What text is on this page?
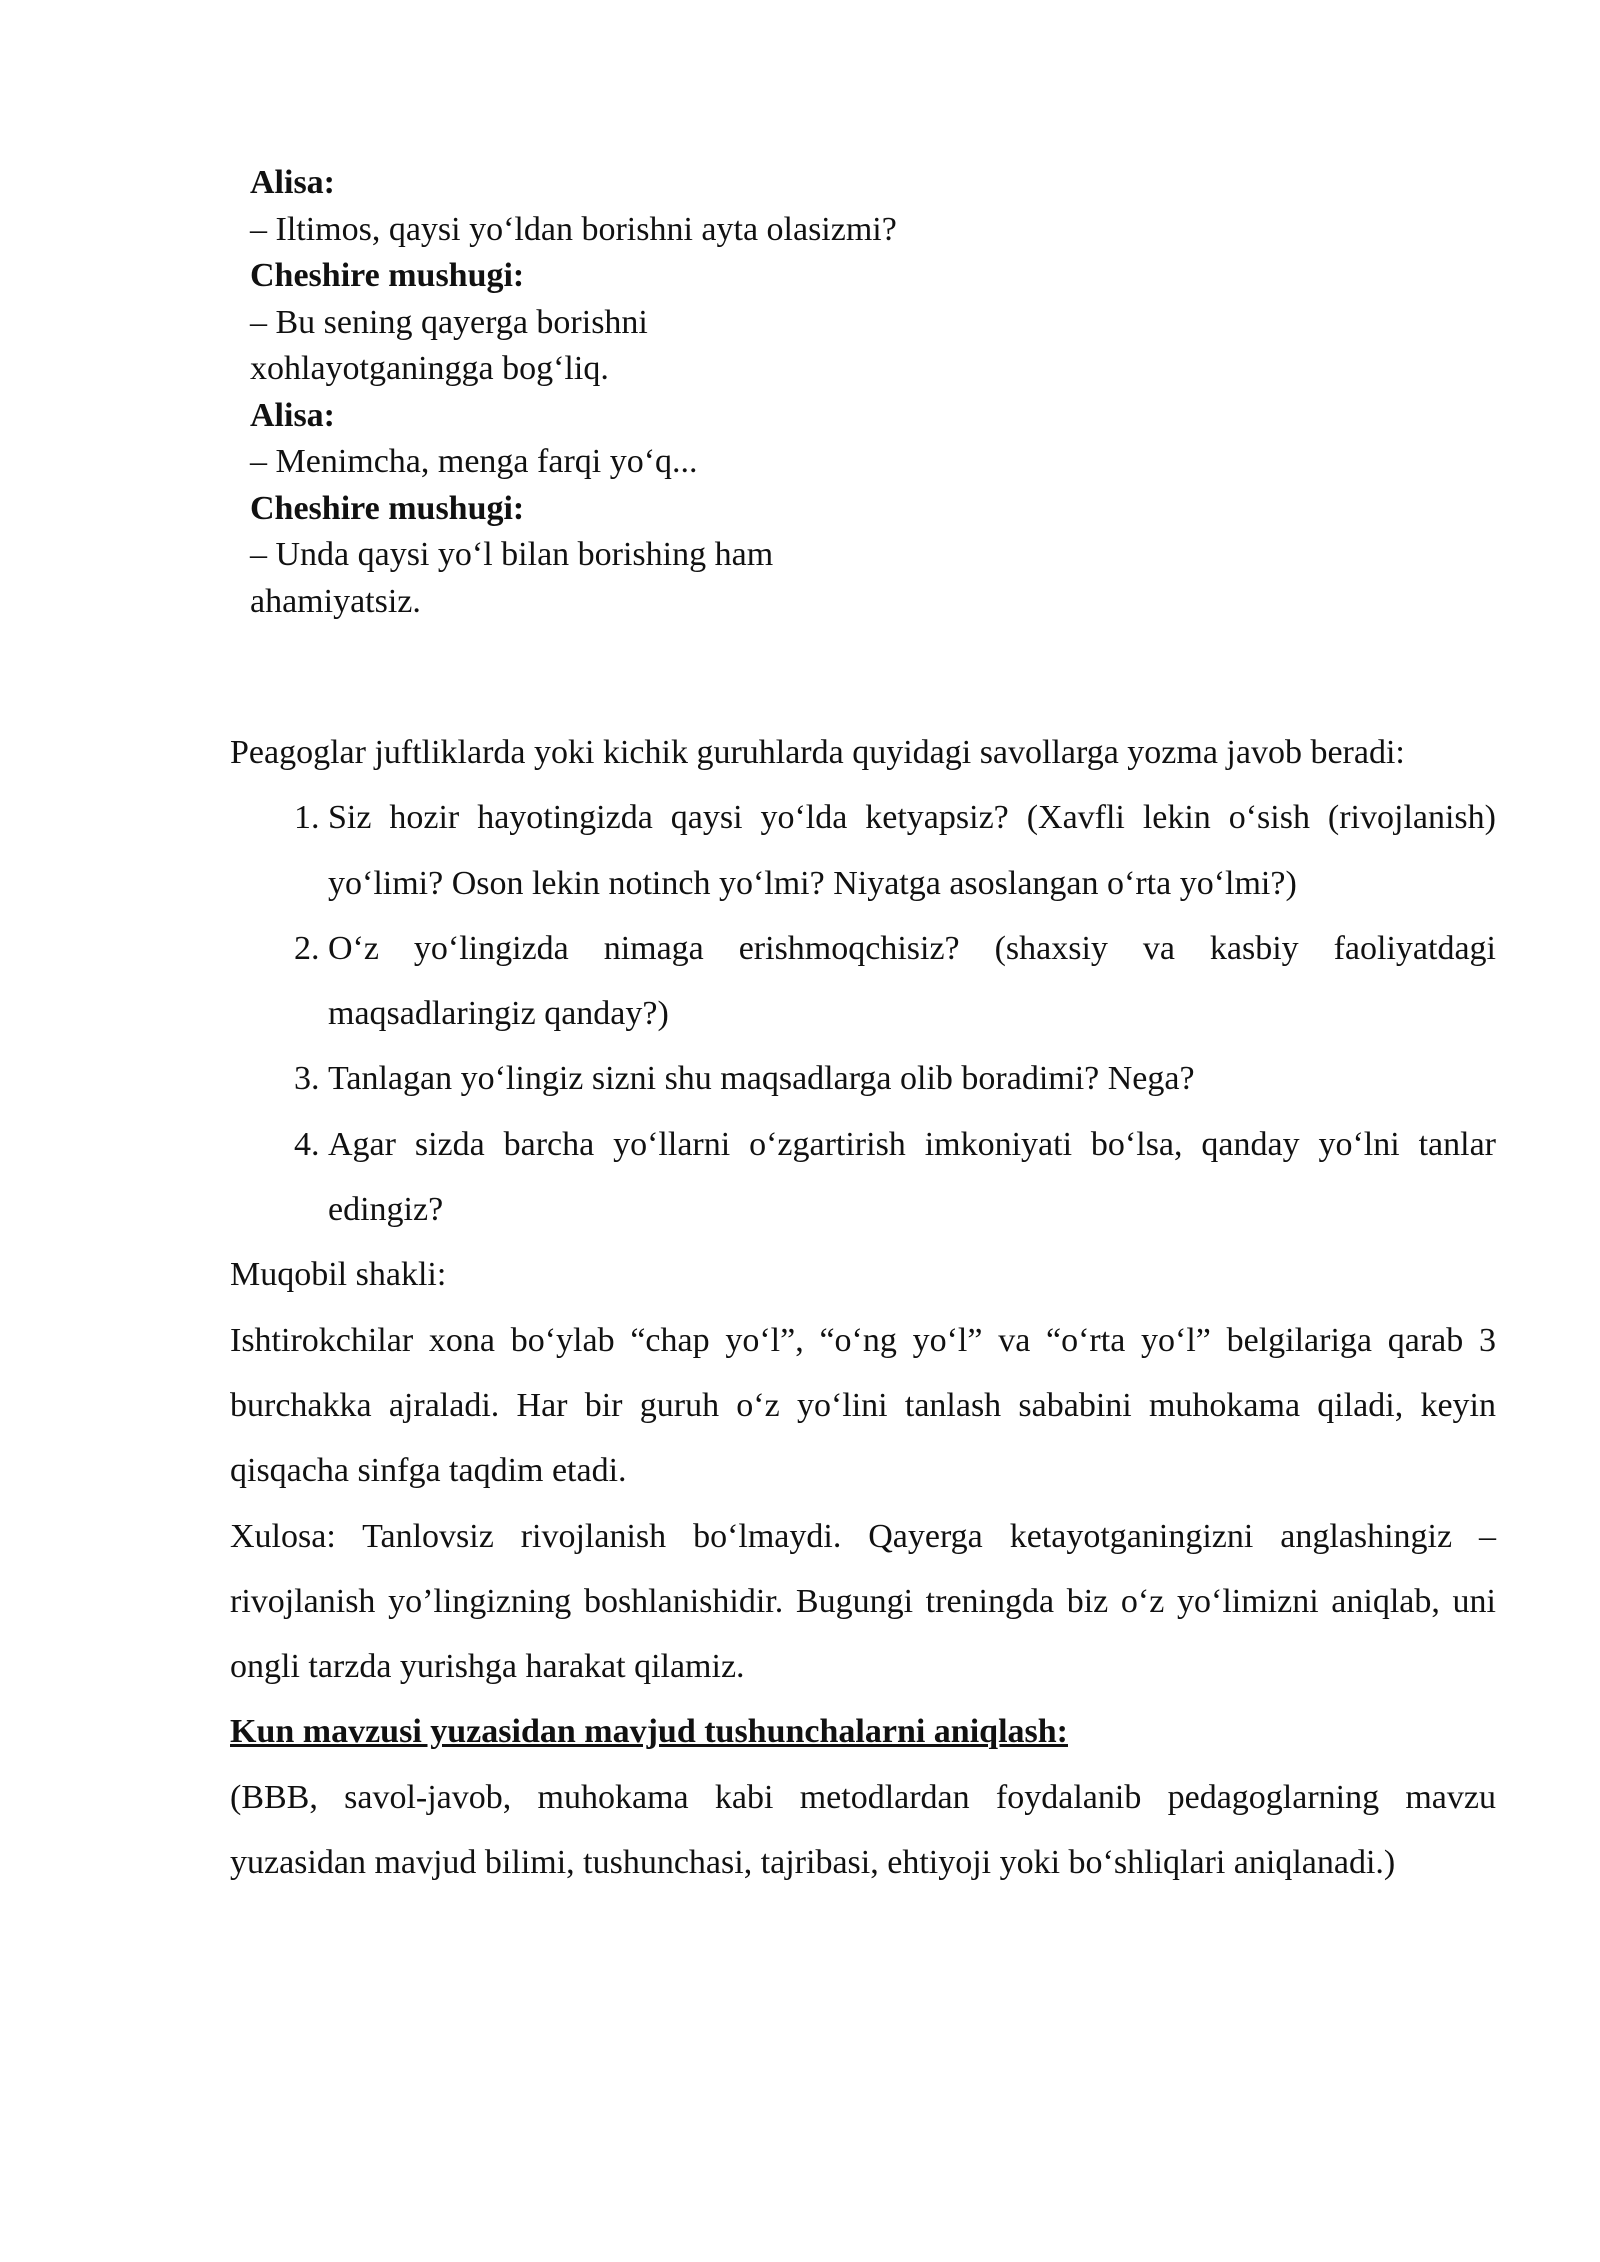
Alisa:
– Iltimos, qaysi yo‘ldan borishni ayta olasizmi?
Cheshire mushugi:
– Bu sening qayerga borishni xohlayotganingga bog‘liq.
Alisa:
– Menimcha, menga farqi yo‘q...
Cheshire mushugi:
– Unda qaysi yo‘l bilan borishing ham ahamiyatsiz.

Peagoglar juftliklarda yoki kichik guruhlarda quyidagi savollarga yozma javob beradi:

1. Siz hozir hayotingizda qaysi yo‘lda ketyapsiz? (Xavfli lekin o‘sish (rivojlanish) yo‘limi? Oson lekin notinch yo‘lmi? Niyatga asoslangan o‘rta yo‘lmi?)
2. O‘z yo‘lingizda nimaga erishmoqchisiz? (shaxsiy va kasbiy faoliyatdagi maqsadlaringiz qanday?)
3. Tanlagan yo‘lingiz sizni shu maqsadlarga olib boradimi? Nega?
4. Agar sizda barcha yo‘llarni o‘zgartirish imkoniyati bo‘lsa, qanday yo‘lni tanlar edingiz?

Muqobil shakli:

Ishtirokchilar xona bo‘ylab “chap yo‘l”, “o‘ng yo‘l” va “o‘rta yo‘l” belgilariga qarab 3 burchakka ajraladi. Har bir guruh o‘z yo‘lini tanlash sababini muhokama qiladi, keyin qisqacha sinfga taqdim etadi.

Xulosa: Tanlovsiz rivojlanish bo‘lmaydi. Qayerga ketayotganingizni anglashingiz – rivojlanish yo’lingizning boshlanishidir. Bugungi treningda biz o‘z yo‘limizni aniqlab, uni ongli tarzda yurishga harakat qilamiz.

Kun mavzusi yuzasidan mavjud tushunchalarni aniqlash:

(BBB, savol-javob, muhokama kabi metodlardan foydalanib pedagoglarning mavzu yuzasidan mavjud bilimi, tushunchasi, tajribasi, ehtiyoji yoki bo‘shliqlari aniqlanadi.)
